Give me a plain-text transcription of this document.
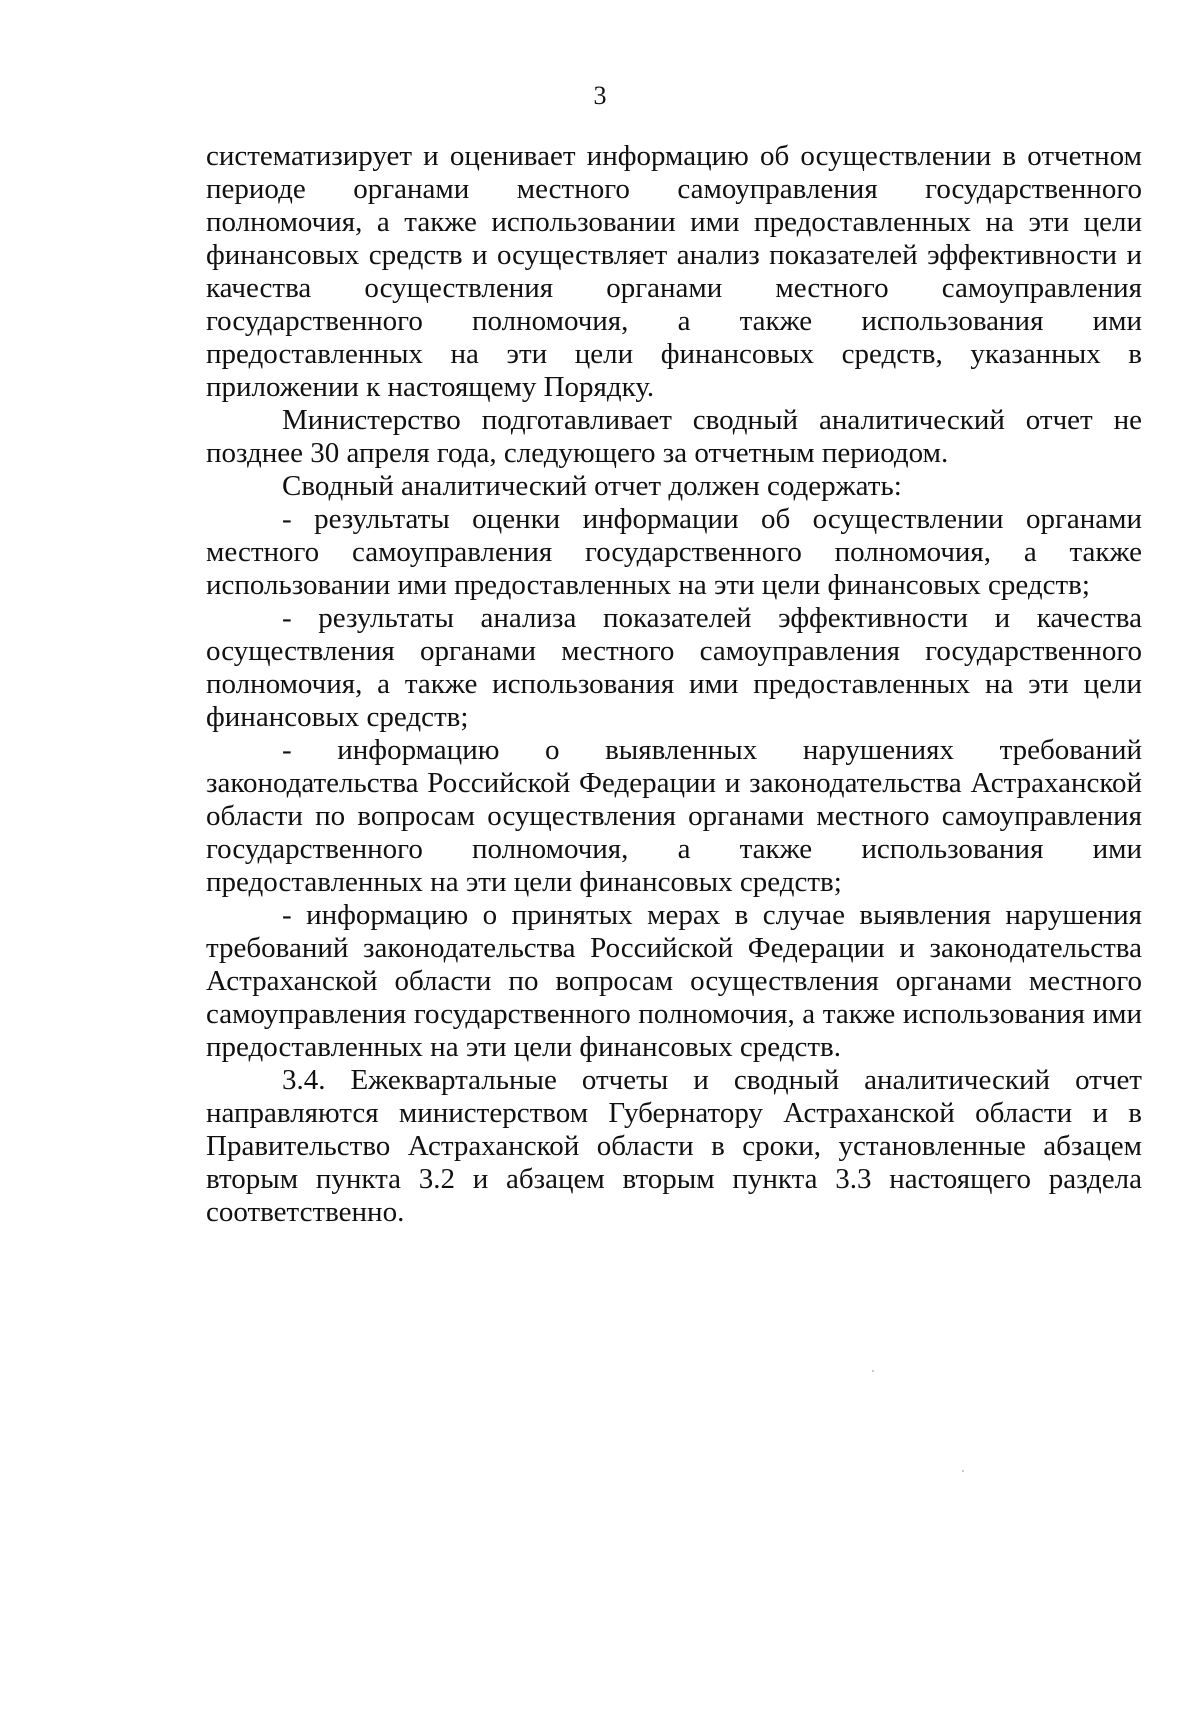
3

систематизирует и оценивает информацию об осуществлении в отчетном периоде органами местного самоуправления государственного полномочия, а также использовании ими предоставленных на эти цели финансовых средств и осуществляет анализ показателей эффективности и качества осуществления органами местного самоуправления государственного полномочия, а также использования ими предоставленных на эти цели финансовых средств, указанных в приложении к настоящему Порядку.

Министерство подготавливает сводный аналитический отчет не позднее 30 апреля года, следующего за отчетным периодом.

Сводный аналитический отчет должен содержать:

- результаты оценки информации об осуществлении органами местного самоуправления государственного полномочия, а также использовании ими предоставленных на эти цели финансовых средств;

- результаты анализа показателей эффективности и качества осуществления органами местного самоуправления государственного полномочия, а также использования ими предоставленных на эти цели финансовых средств;

- информацию о выявленных нарушениях требований законодательства Российской Федерации и законодательства Астраханской области по вопросам осуществления органами местного самоуправления государственного полномочия, а также использования ими предоставленных на эти цели финансовых средств;

- информацию о принятых мерах в случае выявления нарушения требований законодательства Российской Федерации и законодательства Астраханской области по вопросам осуществления органами местного самоуправления государственного полномочия, а также использования ими предоставленных на эти цели финансовых средств.

3.4. Ежеквартальные отчеты и сводный аналитический отчет направляются министерством Губернатору Астраханской области и в Правительство Астраханской области в сроки, установленные абзацем вторым пункта 3.2 и абзацем вторым пункта 3.3 настоящего раздела соответственно.
